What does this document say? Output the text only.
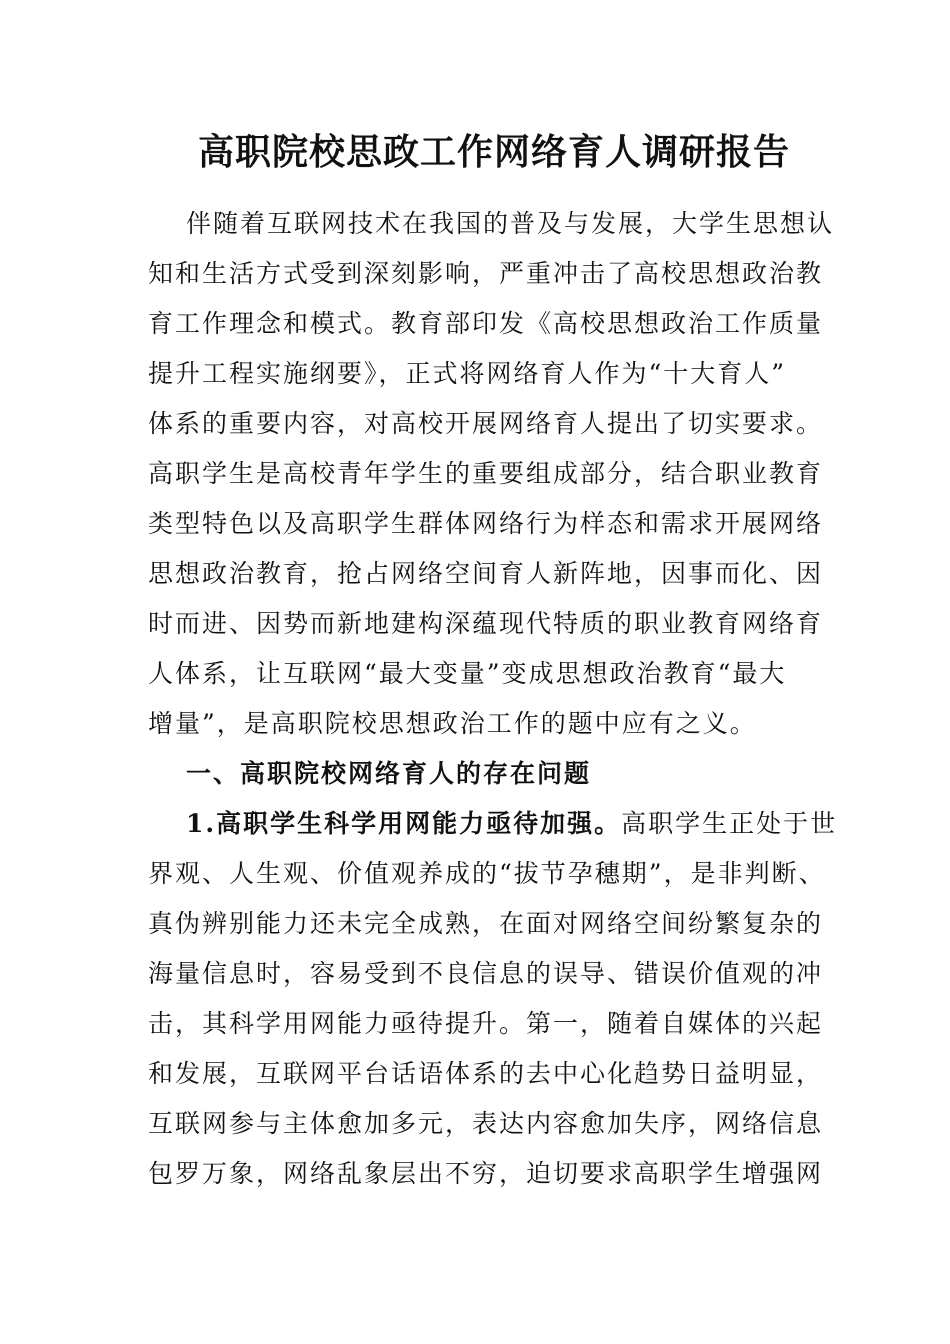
高职院校思政工作网络育人调研报告
伴随着互联网技术在我国的普及与发展，大学生思想认
知和生活方式受到深刻影响，严重冲击了高校思想政治教
育工作理念和模式。教育部印发《高校思想政治工作质量
提升工程实施纲要》，正式将网络育人作为“十大育人”
体系的重要内容，对高校开展网络育人提出了切实要求。
高职学生是高校青年学生的重要组成部分，结合职业教育
类型特色以及高职学生群体网络行为样态和需求开展网络
思想政治教育，抢占网络空间育人新阵地，因事而化、因
时而进、因势而新地建构深蕴现代特质的职业教育网络育
人体系，让互联网“最大变量”变成思想政治教育“最大
增量”，是高职院校思想政治工作的题中应有之义。
一、高职院校网络育人的存在问题
1.高职学生科学用网能力亟待加强。高职学生正处于世
界观、人生观、价值观养成的“拔节孕穗期”，是非判断、
真伪辨别能力还未完全成熟，在面对网络空间纷繁复杂的
海量信息时，容易受到不良信息的误导、错误价值观的冲
击，其科学用网能力亟待提升。第一，随着自媒体的兴起
和发展，互联网平台话语体系的去中心化趋势日益明显，
互联网参与主体愈加多元，表达内容愈加失序，网络信息
包罗万象，网络乱象层出不穷，迫切要求高职学生增强网
